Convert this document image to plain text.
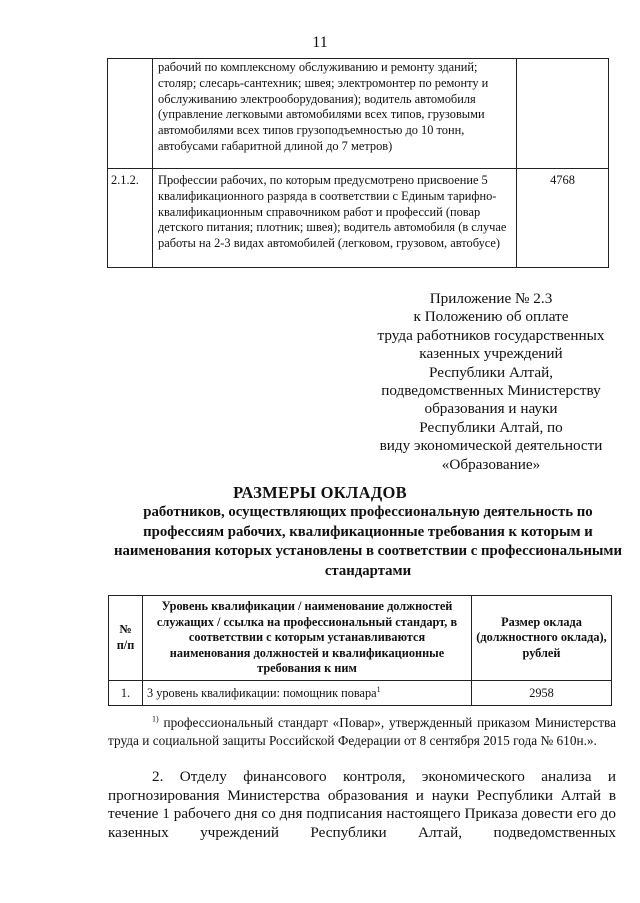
11
	рабочий по комплексному обслуживанию и ремонту зданий; столяр; слесарь-сантехник; швея; электромонтер по ремонту и обслуживанию электрооборудования); водитель автомобиля (управление легковыми автомобилями всех типов, грузовыми автомобилями всех типов грузоподъемностью до 10 тонн, автобусами габаритной длиной до 7 метров)	
2.1.2.	Профессии рабочих, по которым предусмотрено присвоение 5 квалификационного разряда в соответствии с Единым тарифно-квалификационным справочником работ и профессий (повар детского питания; плотник; швея); водитель автомобиля (в случае работы на 2-3 видах автомобилей (легковом, грузовом, автобусе)	4768
Приложение № 2.3
к Положению об оплате
труда работников государственных
казенных учреждений
Республики Алтай,
подведомственных Министерству
образования и науки
Республики Алтай, по
виду экономической деятельности
«Образование»
РАЗМЕРЫ ОКЛАДОВ
работников, осуществляющих профессиональную деятельность по профессиям рабочих, квалификационные требования к которым и наименования которых установлены в соответствии с профессиональными стандартами
№ п/п	Уровень квалификации / наименование должностей служащих / ссылка на профессиональный стандарт, в соответствии с которым устанавливаются наименования должностей и квалификационные требования к ним	Размер оклада (должностного оклада), рублей
1.	3 уровень квалификации: помощник повара$^1$	2958
$^{1)}$ профессиональный стандарт «Повар», утвержденный приказом Министерства труда и социальной защиты Российской Федерации от 8 сентября 2015 года № 610н.».
2. Отделу финансового контроля, экономического анализа и прогнозирования Министерства образования и науки Республики Алтай в течение 1 рабочего дня со дня подписания настоящего Приказа довести его до казенных учреждений Республики Алтай, подведомственных
